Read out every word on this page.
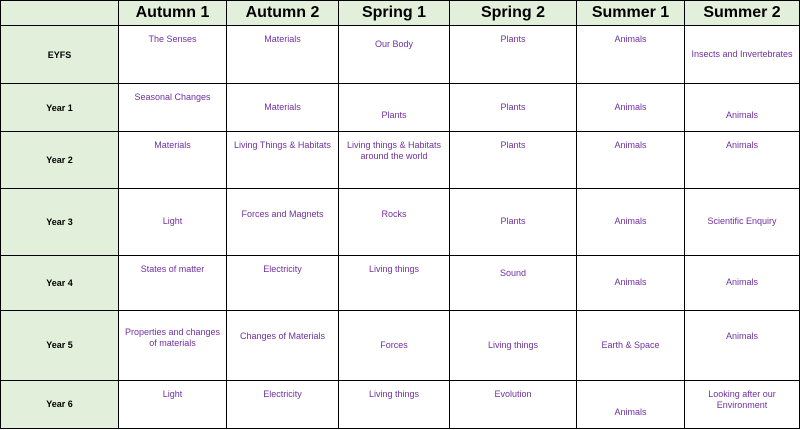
	Autumn 1	Autumn 2	Spring 1	Spring 2	Summer 1	Summer 2
EYFS	The Senses	Materials	Our Body	Plants	Animals	Insects and Invertebrates
Year 1	Seasonal Changes	Materials	Plants	Plants	Animals	Animals
Year 2	Materials	Living Things & Habitats	Living things & Habitats around the world	Plants	Animals	Animals
Year 3	Light	Forces and Magnets	Rocks	Plants	Animals	Scientific Enquiry
Year 4	States of matter	Electricity	Living things	Sound	Animals	Animals
Year 5	Properties and changes of materials	Changes of Materials	Forces	Living things	Earth & Space	Animals
Year 6	Light	Electricity	Living things	Evolution	Animals	Looking after our Environment
